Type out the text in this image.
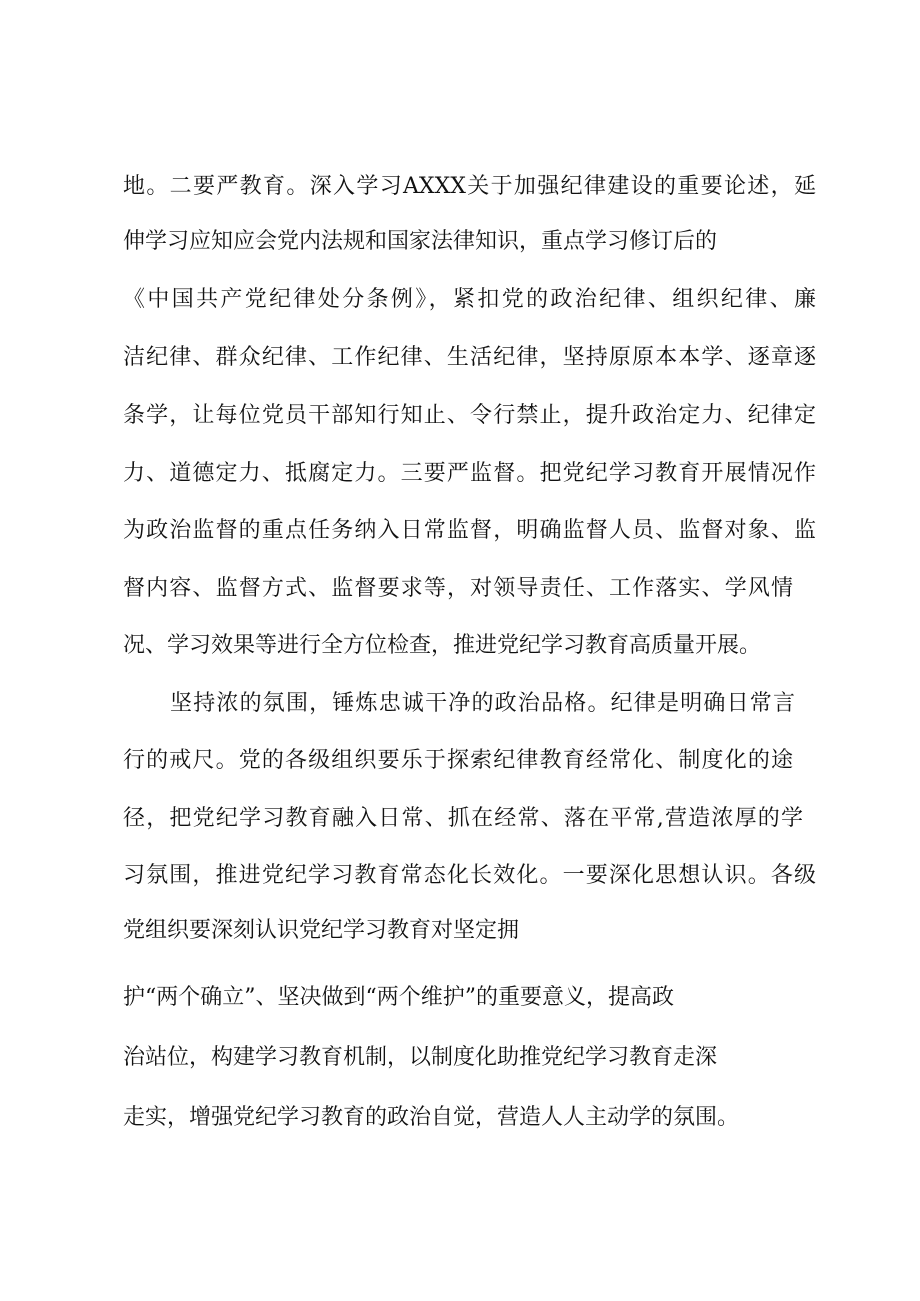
地。二要严教育。深入学习AXXX关于加强纪律建设的重要论述，延
伸学习应知应会党内法规和国家法律知识，重点学习修订后的
《中国共产党纪律处分条例》，紧扣党的政治纪律、组织纪律、廉
洁纪律、群众纪律、工作纪律、生活纪律，坚持原原本本学、逐章逐
条学，让每位党员干部知行知止、令行禁止，提升政治定力、纪律定
力、道德定力、抵腐定力。三要严监督。把党纪学习教育开展情况作
为政治监督的重点任务纳入日常监督，明确监督人员、监督对象、监
督内容、监督方式、监督要求等，对领导责任、工作落实、学风情
况、学习效果等进行全方位检查，推进党纪学习教育高质量开展。
坚持浓的氛围，锤炼忠诚干净的政治品格。纪律是明确日常言
行的戒尺。党的各级组织要乐于探索纪律教育经常化、制度化的途
径，把党纪学习教育融入日常、抓在经常、落在平常,营造浓厚的学
习氛围，推进党纪学习教育常态化长效化。一要深化思想认识。各级
党组织要深刻认识党纪学习教育对坚定拥
护“两个确立”、坚决做到“两个维护”的重要意义，提高政
治站位，构建学习教育机制，以制度化助推党纪学习教育走深
走实，增强党纪学习教育的政治自觉，营造人人主动学的氛围。
